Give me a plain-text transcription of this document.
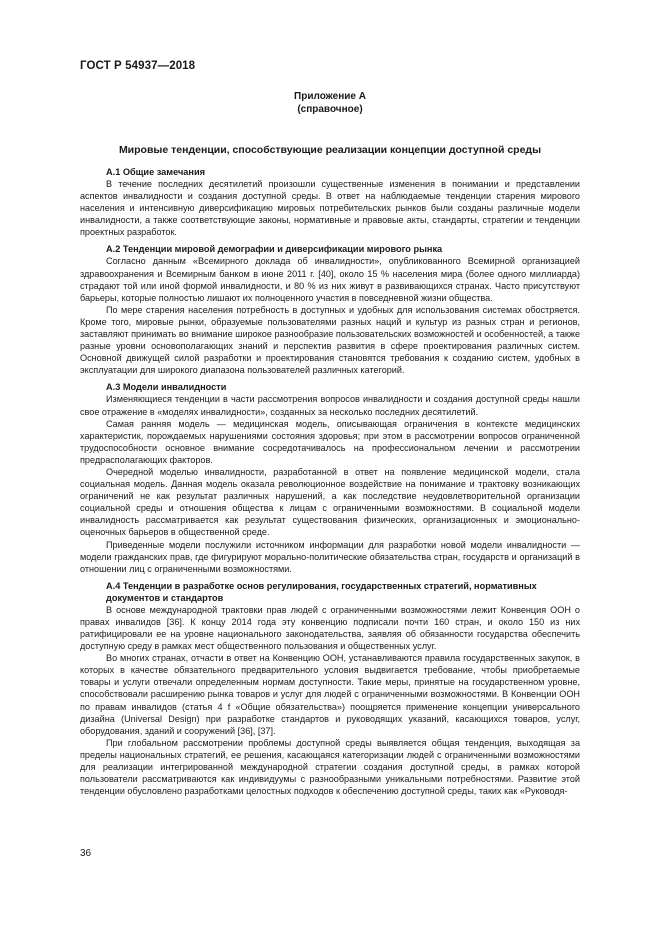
ГОСТ Р 54937—2018
Приложение А
(справочное)
Мировые тенденции, способствующие реализации концепции доступной среды
А.1 Общие замечания

В течение последних десятилетий произошли существенные изменения в понимании и представлении аспектов инвалидности и создания доступной среды. В ответ на наблюдаемые тенденции старения мирового населения и интенсивную диверсификацию мировых потребительских рынков были созданы различные модели инвалидности, а также соответствующие законы, нормативные и правовые акты, стандарты, стратегии и тенденции проектных разработок.

А.2 Тенденции мировой демографии и диверсификации мирового рынка

Согласно данным «Всемирного доклада об инвалидности», опубликованного Всемирной организацией здравоохранения и Всемирным банком в июне 2011 г. [40], около 15 % населения мира (более одного миллиарда) страдают той или иной формой инвалидности, и 80 % из них живут в развивающихся странах. Часто присутствуют барьеры, которые полностью лишают их полноценного участия в повседневной жизни общества.

По мере старения населения потребность в доступных и удобных для использования системах обостряется. Кроме того, мировые рынки, образуемые пользователями разных наций и культур из разных стран и регионов, заставляют принимать во внимание широкое разнообразие пользовательских возможностей и особенностей, а также разные уровни основополагающих знаний и перспектив развития в сфере проектирования различных систем. Основной движущей силой разработки и проектирования становятся требования к созданию систем, удобных в эксплуатации для широкого диапазона пользователей различных категорий.

А.3 Модели инвалидности

Изменяющиеся тенденции в части рассмотрения вопросов инвалидности и создания доступной среды нашли свое отражение в «моделях инвалидности», созданных за несколько последних десятилетий.

Самая ранняя модель — медицинская модель, описывающая ограничения в контексте медицинских характеристик, порождаемых нарушениями состояния здоровья; при этом в рассмотрении вопросов ограниченной трудоспособности основное внимание сосредотачивалось на профессиональном лечении и рассмотрении предрасполагающих факторов.

Очередной моделью инвалидности, разработанной в ответ на появление медицинской модели, стала социальная модель. Данная модель оказала революционное воздействие на понимание и трактовку возникающих ограничений не как результат различных нарушений, а как последствие неудовлетворительной организации социальной среды и отношения общества к лицам с ограниченными возможностями. В социальной модели инвалидность рассматривается как результат существования физических, организационных и эмоционально-оценочных барьеров в общественной среде.

Приведенные модели послужили источником информации для разработки новой модели инвалидности — модели гражданских прав, где фигурируют морально-политические обязательства стран, государств и организаций в отношении лиц с ограниченными возможностями.

А.4 Тенденции в разработке основ регулирования, государственных стратегий, нормативных документов и стандартов

В основе международной трактовки прав людей с ограниченными возможностями лежит Конвенция ООН о правах инвалидов [36]. К концу 2014 года эту конвенцию подписали почти 160 стран, и около 150 из них ратифицировали ее на уровне национального законодательства, заявляя об обязанности государства обеспечить доступную среду в рамках мест общественного пользования и общественных услуг.

Во многих странах, отчасти в ответ на Конвенцию ООН, устанавливаются правила государственных закупок, в которых в качестве обязательного предварительного условия выдвигается требование, чтобы приобретаемые товары и услуги отвечали определенным нормам доступности. Такие меры, принятые на государственном уровне, способствовали расширению рынка товаров и услуг для людей с ограниченными возможностями. В Конвенции ООН по правам инвалидов (статья 4 f «Общие обязательства») поощряется применение концепции универсального дизайна (Universal Design) при разработке стандартов и руководящих указаний, касающихся товаров, услуг, оборудования, зданий и сооружений [36], [37].

При глобальном рассмотрении проблемы доступной среды выявляется общая тенденция, выходящая за пределы национальных стратегий, ее решения, касающаяся категоризации людей с ограниченными возможностями для реализации интегрированной международной стратегии создания доступной среды, в рамках которой пользователи рассматриваются как индивидуумы с разнообразными уникальными потребностями. Развитие этой тенденции обусловлено разработками целостных подходов к обеспечению доступной среды, таких как «Руководя-

36
